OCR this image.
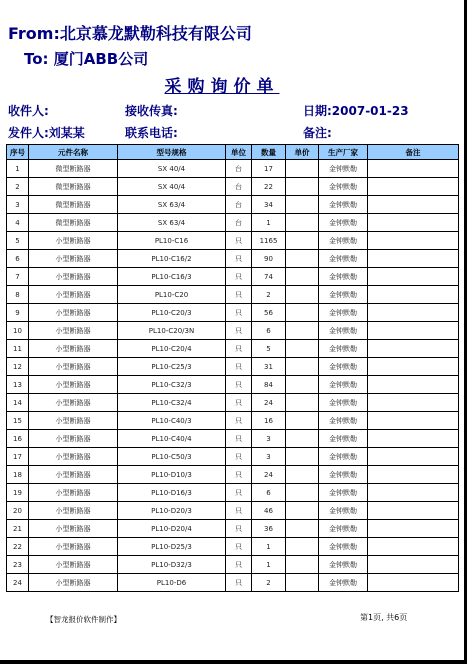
From:北京慕龙默勒科技有限公司
To: 厦门ABB公司
采购询价单
收件人:	接收传真:	日期:2007-01-23
发件人:刘某某	联系电话:	备注:
序号	元件名称	型号规格	单位	数量	单价	生产厂家	备注
1	微型断路器	SX 40/4	台	17		金钟默勒	
2	微型断路器	SX 40/4	台	22		金钟默勒	
3	微型断路器	SX 63/4	台	34		金钟默勒	
4	微型断路器	SX 63/4	台	1		金钟默勒	
5	小型断路器	PL10-C16	只	1165		金钟默勒	
6	小型断路器	PL10-C16/2	只	90		金钟默勒	
7	小型断路器	PL10-C16/3	只	74		金钟默勒	
8	小型断路器	PL10-C20	只	2		金钟默勒	
9	小型断路器	PL10-C20/3	只	56		金钟默勒	
10	小型断路器	PL10-C20/3N	只	6		金钟默勒	
11	小型断路器	PL10-C20/4	只	5		金钟默勒	
12	小型断路器	PL10-C25/3	只	31		金钟默勒	
13	小型断路器	PL10-C32/3	只	84		金钟默勒	
14	小型断路器	PL10-C32/4	只	24		金钟默勒	
15	小型断路器	PL10-C40/3	只	16		金钟默勒	
16	小型断路器	PL10-C40/4	只	3		金钟默勒	
17	小型断路器	PL10-C50/3	只	3		金钟默勒	
18	小型断路器	PL10-D10/3	只	24		金钟默勒	
19	小型断路器	PL10-D16/3	只	6		金钟默勒	
20	小型断路器	PL10-D20/3	只	46		金钟默勒	
21	小型断路器	PL10-D20/4	只	36		金钟默勒	
22	小型断路器	PL10-D25/3	只	1		金钟默勒	
23	小型断路器	PL10-D32/3	只	1		金钟默勒	
24	小型断路器	PL10-D6	只	2		金钟默勒	
【智龙报价软件制作】	第1页, 共6页
